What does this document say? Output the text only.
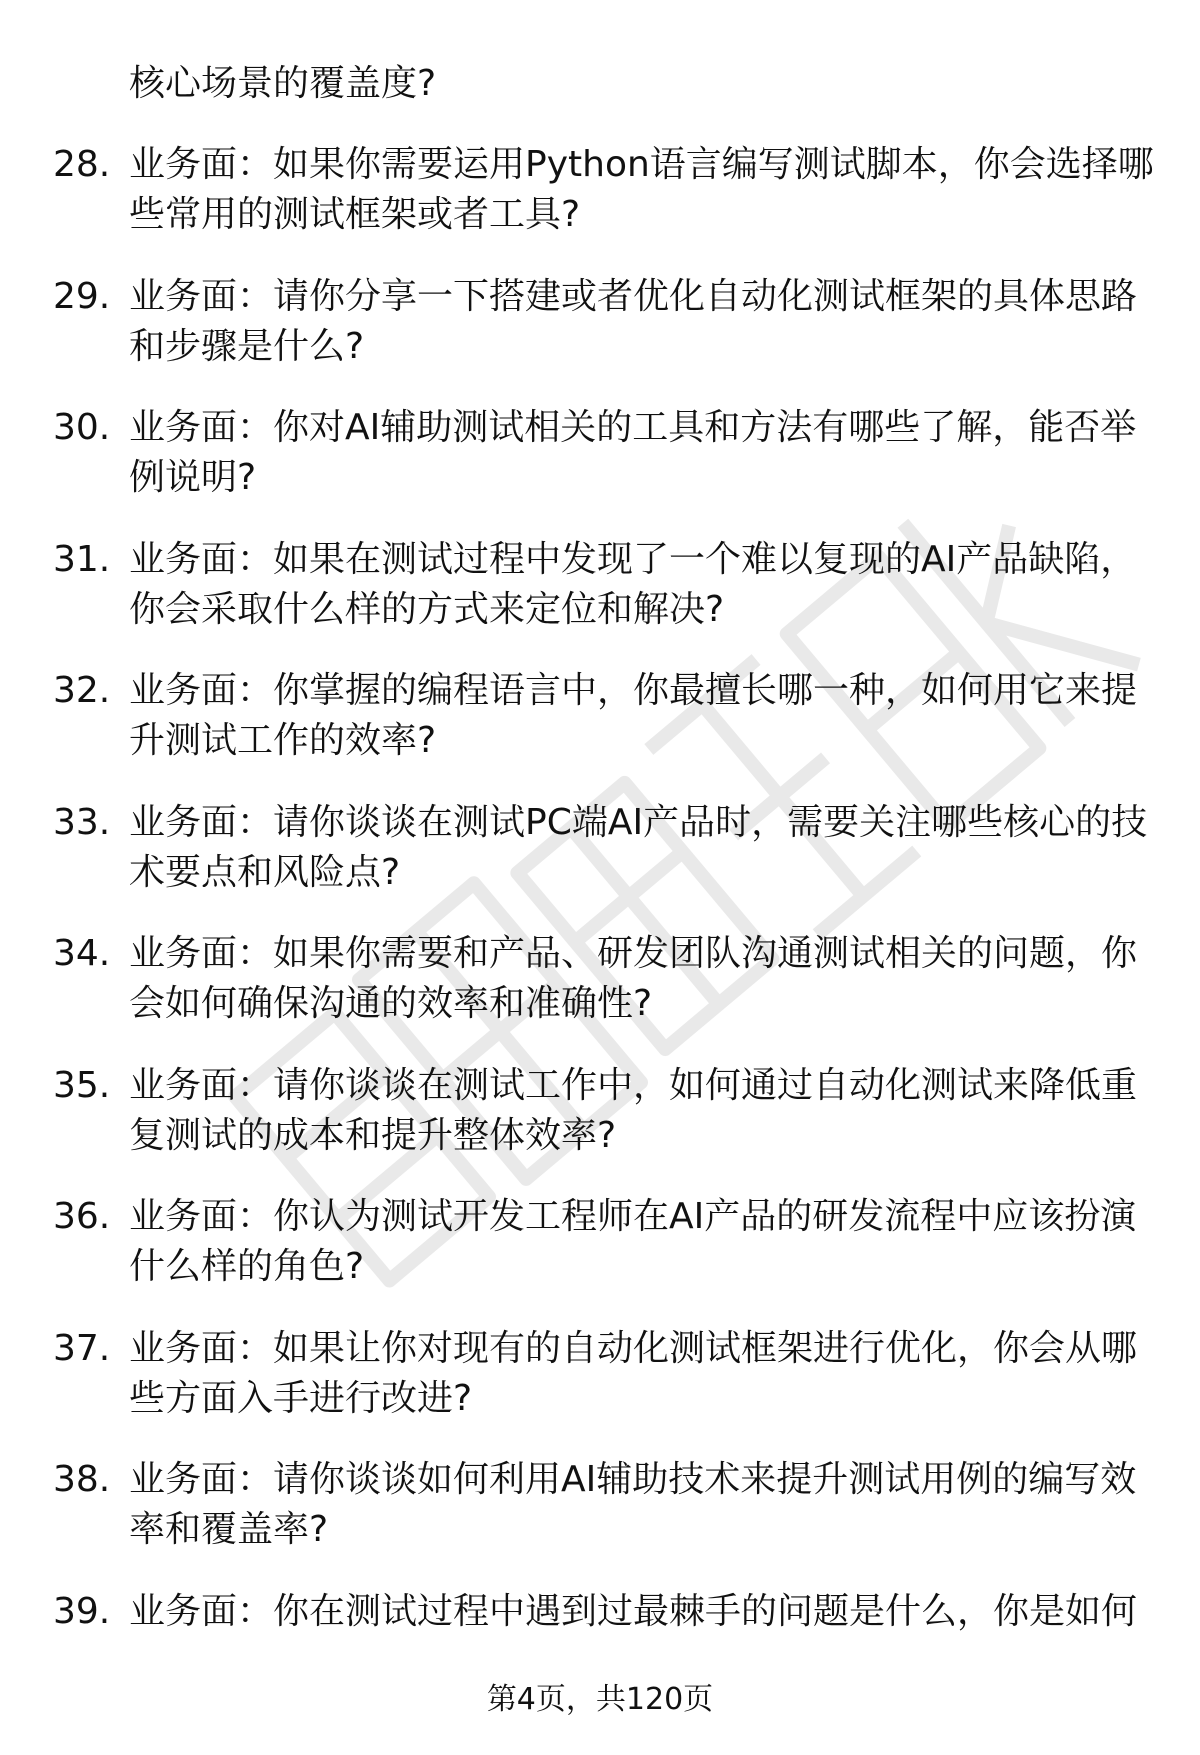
核心场景的覆盖度?
28. 业务面：如果你需要运用Python语言编写测试脚本，你会选择哪
些常用的测试框架或者工具?
29. 业务面：请你分享一下搭建或者优化自动化测试框架的具体思路
和步骤是什么?
30. 业务面：你对AI辅助测试相关的工具和方法有哪些了解，能否举
例说明?
31. 业务面：如果在测试过程中发现了一个难以复现的AI产品缺陷，
你会采取什么样的方式来定位和解决?
32. 业务面：你掌握的编程语言中，你最擅长哪一种，如何用它来提
升测试工作的效率?
33. 业务面：请你谈谈在测试PC端AI产品时，需要关注哪些核心的技
术要点和风险点?
34. 业务面：如果你需要和产品、研发团队沟通测试相关的问题，你
会如何确保沟通的效率和准确性?
35. 业务面：请你谈谈在测试工作中，如何通过自动化测试来降低重
复测试的成本和提升整体效率?
36. 业务面：你认为测试开发工程师在AI产品的研发流程中应该扮演
什么样的角色?
37. 业务面：如果让你对现有的自动化测试框架进行优化，你会从哪
些方面入手进行改进?
38. 业务面：请你谈谈如何利用AI辅助技术来提升测试用例的编写效
率和覆盖率?
39. 业务面：你在测试过程中遇到过最棘手的问题是什么，你是如何
第4页，共120页
